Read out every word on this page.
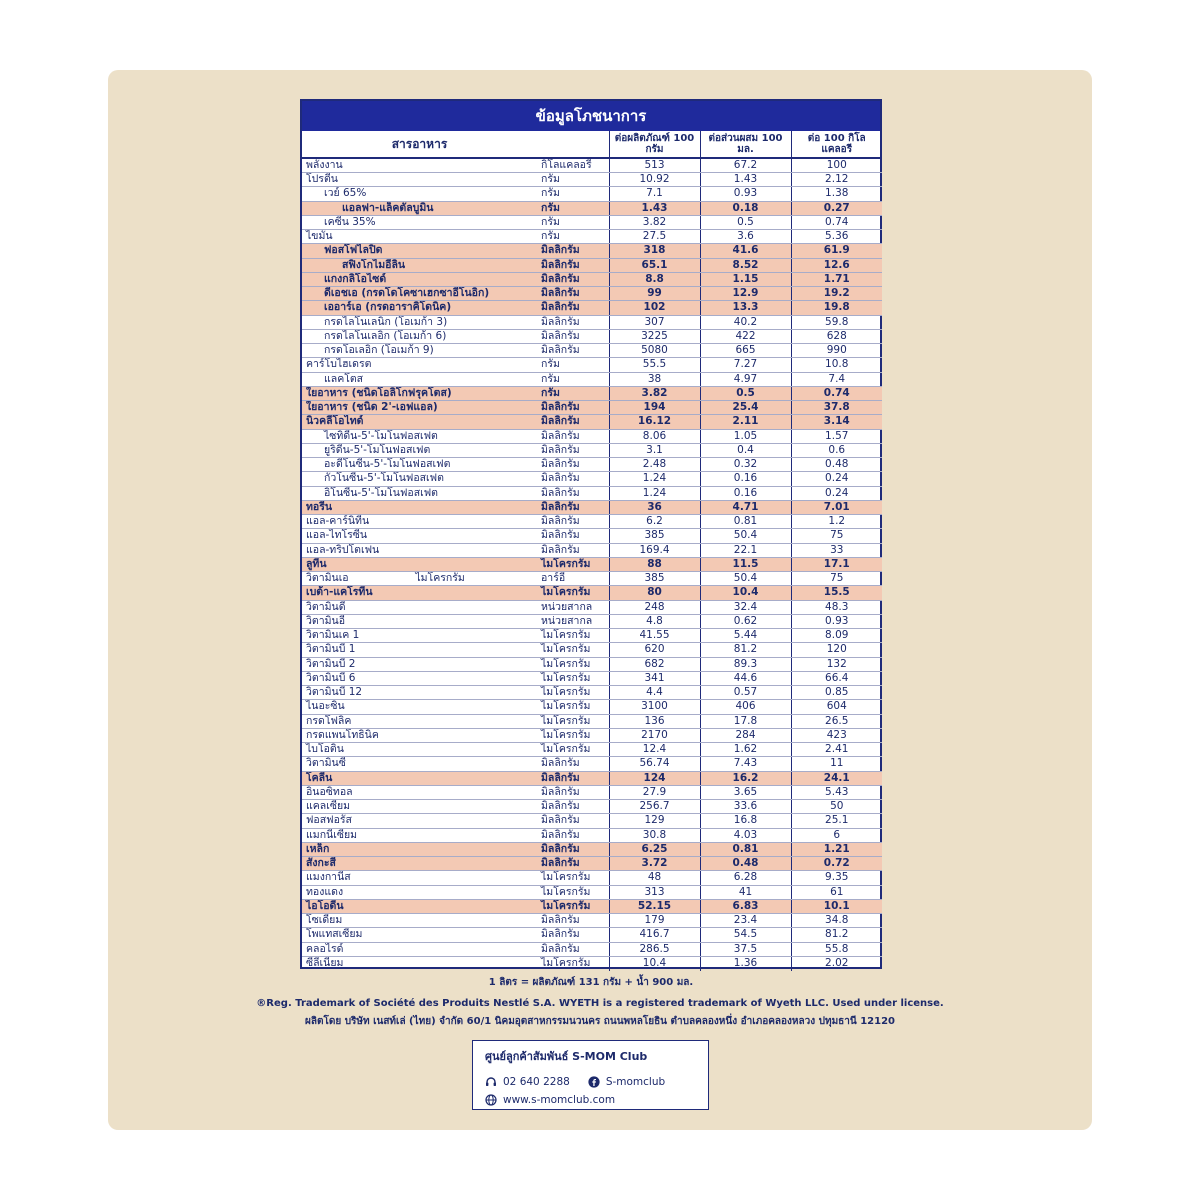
ข้อมูลโภชนาการ
สารอาหาร		ต่อผลิตภัณฑ์ 100 กรัม	ต่อส่วนผสม 100 มล.	ต่อ 100 กิโลแคลอรี
พลังงาน	กิโลแคลอรี	513	67.2	100
โปรตีน	กรัม	10.92	1.43	2.12
เวย์ 65%	กรัม	7.1	0.93	1.38
แอลฟา-แล็คตัลบูมิน	กรัม	1.43	0.18	0.27
เคซีน 35%	กรัม	3.82	0.5	0.74
ไขมัน	กรัม	27.5	3.6	5.36
ฟอสโฟไลปิด	มิลลิกรัม	318	41.6	61.9
สฟิงโกไมอีลิน	มิลลิกรัม	65.1	8.52	12.6
แกงกลิโอไซด์	มิลลิกรัม	8.8	1.15	1.71
ดีเอชเอ (กรดโดโคซาเฮกซาอีโนอิก)	มิลลิกรัม	99	12.9	19.2
เออาร์เอ (กรดอาราคิโดนิค)	มิลลิกรัม	102	13.3	19.8
กรดไลโนเลนิก (โอเมก้า 3)	มิลลิกรัม	307	40.2	59.8
กรดไลโนเลอิก (โอเมก้า 6)	มิลลิกรัม	3225	422	628
กรดโอเลอิก (โอเมก้า 9)	มิลลิกรัม	5080	665	990
คาร์โบไฮเดรต	กรัม	55.5	7.27	10.8
แลคโตส	กรัม	38	4.97	7.4
ใยอาหาร (ชนิดโอลิโกฟรุคโตส)	กรัม	3.82	0.5	0.74
ใยอาหาร (ชนิด 2'-เอฟแอล)	มิลลิกรัม	194	25.4	37.8
นิวคลีโอไทด์	มิลลิกรัม	16.12	2.11	3.14
ไซทิดีน-5'-โมโนฟอสเฟต	มิลลิกรัม	8.06	1.05	1.57
ยูริดีน-5'-โมโนฟอสเฟต	มิลลิกรัม	3.1	0.4	0.6
อะดีโนซีน-5'-โมโนฟอสเฟต	มิลลิกรัม	2.48	0.32	0.48
กัวโนซีน-5'-โมโนฟอสเฟต	มิลลิกรัม	1.24	0.16	0.24
อิโนซีน-5'-โมโนฟอสเฟต	มิลลิกรัม	1.24	0.16	0.24
ทอรีน	มิลลิกรัม	36	4.71	7.01
แอล-คาร์นิทีน	มิลลิกรัม	6.2	0.81	1.2
แอล-ไทโรซีน	มิลลิกรัม	385	50.4	75
แอล-ทริปโตเฟน	มิลลิกรัม	169.4	22.1	33
ลูทีน	ไมโครกรัม	88	11.5	17.1
วิตามินเอ                    ไมโครกรัม	อาร์อี	385	50.4	75
เบต้า-แคโรทีน	ไมโครกรัม	80	10.4	15.5
วิตามินดี	หน่วยสากล	248	32.4	48.3
วิตามินอี	หน่วยสากล	4.8	0.62	0.93
วิตามินเค 1	ไมโครกรัม	41.55	5.44	8.09
วิตามินบี 1	ไมโครกรัม	620	81.2	120
วิตามินบี 2	ไมโครกรัม	682	89.3	132
วิตามินบี 6	ไมโครกรัม	341	44.6	66.4
วิตามินบี 12	ไมโครกรัม	4.4	0.57	0.85
ไนอะซิน	ไมโครกรัม	3100	406	604
กรดโฟลิค	ไมโครกรัม	136	17.8	26.5
กรดแพนโทธินิค	ไมโครกรัม	2170	284	423
ไบโอติน	ไมโครกรัม	12.4	1.62	2.41
วิตามินซี	มิลลิกรัม	56.74	7.43	11
โคลีน	มิลลิกรัม	124	16.2	24.1
อินอซิทอล	มิลลิกรัม	27.9	3.65	5.43
แคลเซียม	มิลลิกรัม	256.7	33.6	50
ฟอสฟอรัส	มิลลิกรัม	129	16.8	25.1
แมกนีเซียม	มิลลิกรัม	30.8	4.03	6
เหล็ก	มิลลิกรัม	6.25	0.81	1.21
สังกะสี	มิลลิกรัม	3.72	0.48	0.72
แมงกานีส	ไมโครกรัม	48	6.28	9.35
ทองแดง	ไมโครกรัม	313	41	61
ไอโอดีน	ไมโครกรัม	52.15	6.83	10.1
โซเดียม	มิลลิกรัม	179	23.4	34.8
โพแทสเซียม	มิลลิกรัม	416.7	54.5	81.2
คลอไรด์	มิลลิกรัม	286.5	37.5	55.8
ซีลีเนียม	ไมโครกรัม	10.4	1.36	2.02
1 ลิตร = ผลิตภัณฑ์ 131 กรัม + น้ำ 900 มล.
®Reg. Trademark of Société des Produits Nestlé S.A. WYETH is a registered trademark of Wyeth LLC. Used under license.
ผลิตโดย บริษัท เนสท์เล่ (ไทย) จำกัด 60/1 นิคมอุตสาหกรรมนวนคร ถนนพหลโยธิน ตำบลคลองหนึ่ง อำเภอคลองหลวง ปทุมธานี 12120
ศูนย์ลูกค้าสัมพันธ์ S-MOM Club
02 640 2288	S-momclub
www.s-momclub.com
